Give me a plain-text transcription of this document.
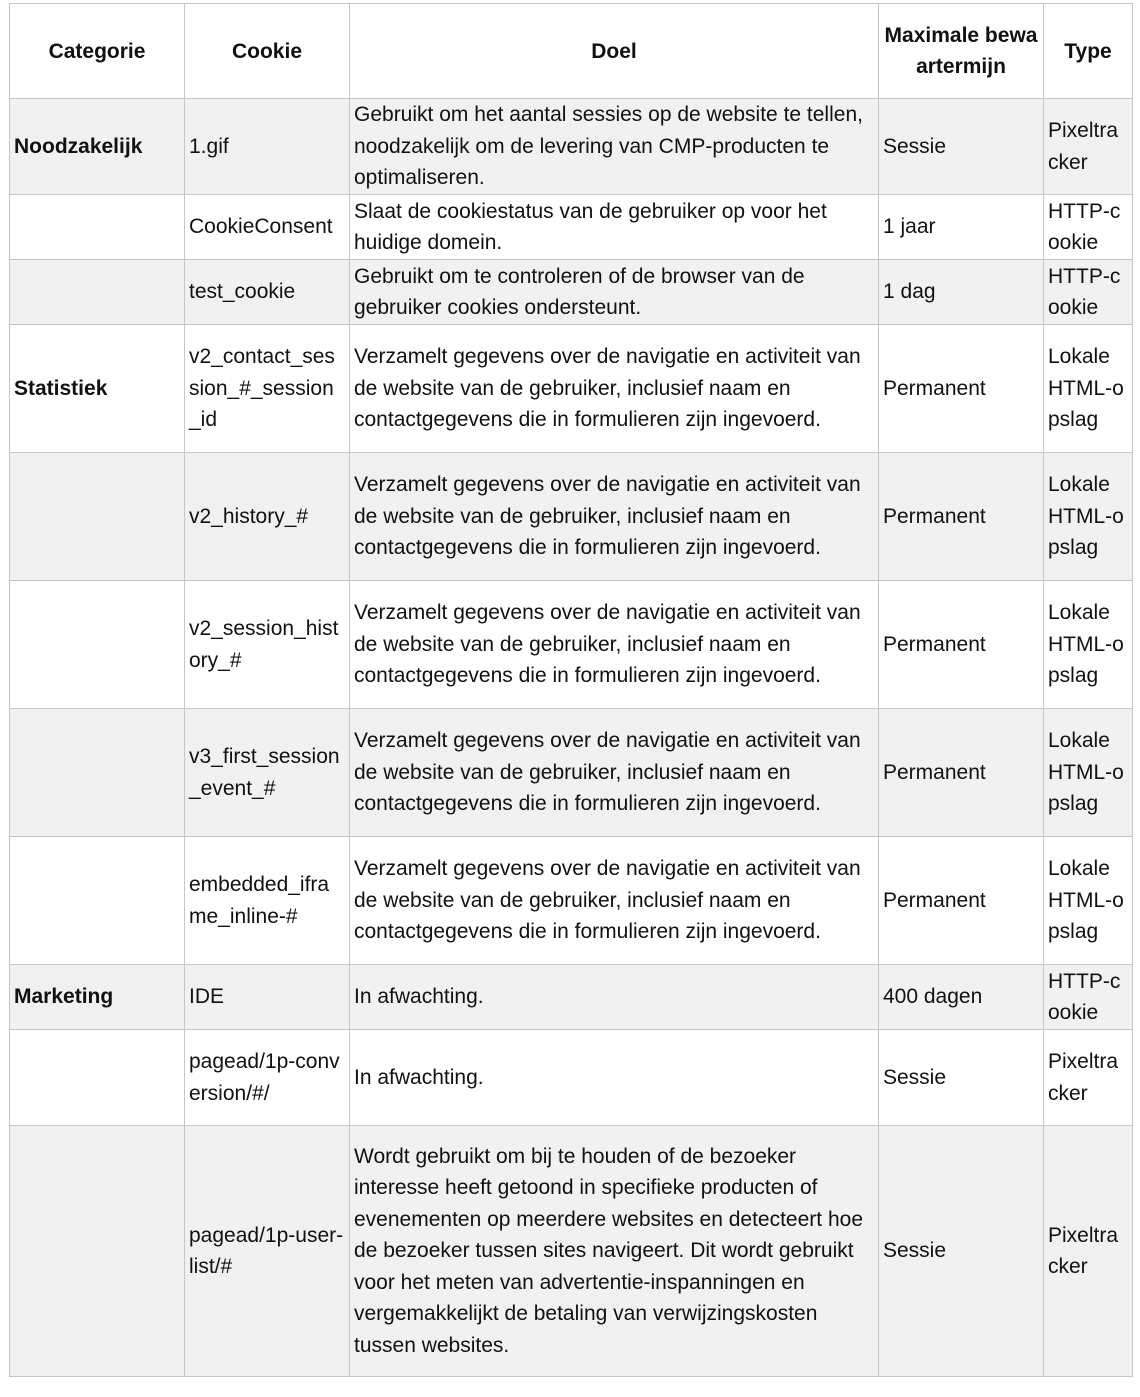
Categorie	Cookie	Doel	Maximale bewaartermijn	Type
Noodzakelijk	1.gif	Gebruikt om het aantal sessies op de website te tellen, noodzakelijk om de levering van CMP-producten te optimaliseren.	Sessie	Pixeltracker
	CookieConsent	Slaat de cookiestatus van de gebruiker op voor het huidige domein.	1 jaar	HTTP-cookie
	test_cookie	Gebruikt om te controleren of de browser van de gebruiker cookies ondersteunt.	1 dag	HTTP-cookie
Statistiek	v2_contact_session_#_session_id	Verzamelt gegevens over de navigatie en activiteit van de website van de gebruiker, inclusief naam en contactgegevens die in formulieren zijn ingevoerd.	Permanent	Lokale HTML-opslag
	v2_history_#	Verzamelt gegevens over de navigatie en activiteit van de website van de gebruiker, inclusief naam en contactgegevens die in formulieren zijn ingevoerd.	Permanent	Lokale HTML-opslag
	v2_session_history_#	Verzamelt gegevens over de navigatie en activiteit van de website van de gebruiker, inclusief naam en contactgegevens die in formulieren zijn ingevoerd.	Permanent	Lokale HTML-opslag
	v3_first_session_event_#	Verzamelt gegevens over de navigatie en activiteit van de website van de gebruiker, inclusief naam en contactgegevens die in formulieren zijn ingevoerd.	Permanent	Lokale HTML-opslag
	embedded_iframe_inline-#	Verzamelt gegevens over de navigatie en activiteit van de website van de gebruiker, inclusief naam en contactgegevens die in formulieren zijn ingevoerd.	Permanent	Lokale HTML-opslag
Marketing	IDE	In afwachting.	400 dagen	HTTP-cookie
	pagead/1p-conversion/#/	In afwachting.	Sessie	Pixeltracker
	pagead/1p-user-list/#	Wordt gebruikt om bij te houden of de bezoeker interesse heeft getoond in specifieke producten of evenementen op meerdere websites en detecteert hoe de bezoeker tussen sites navigeert. Dit wordt gebruikt voor het meten van advertentie-inspanningen en vergemakkelijkt de betaling van verwijzingskosten tussen websites.	Sessie	Pixeltracker
